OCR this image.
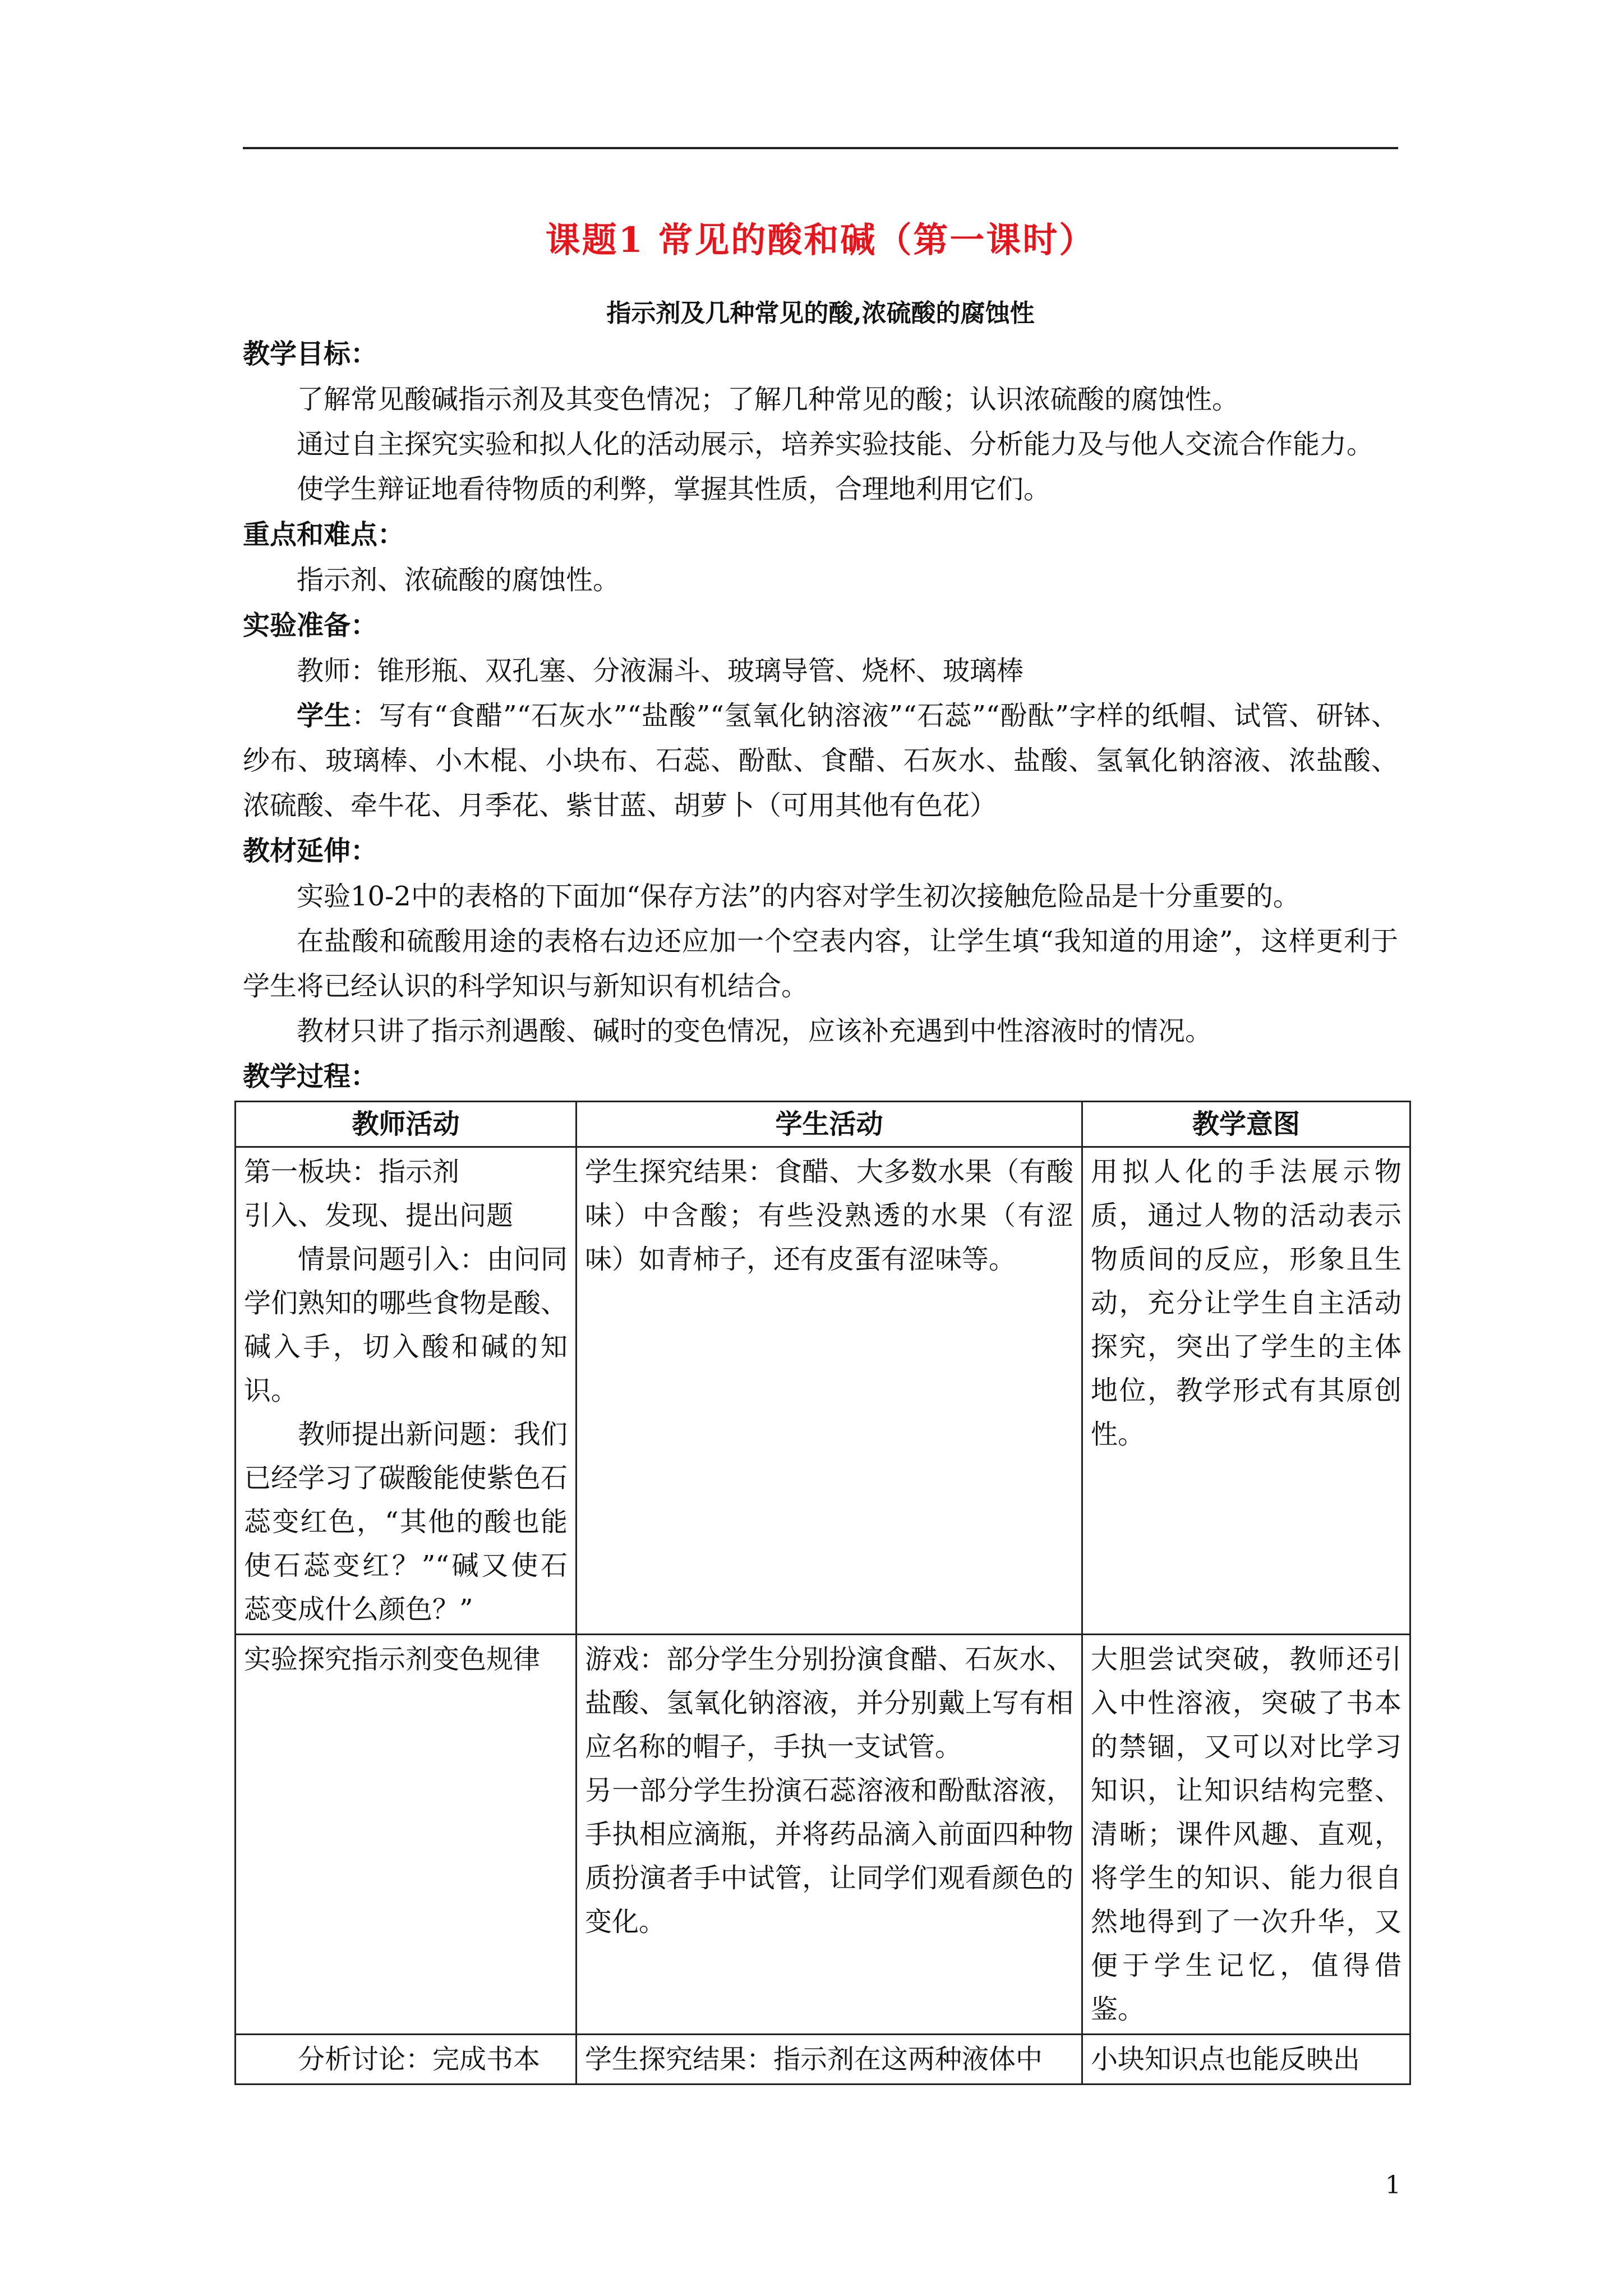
课题1 常见的酸和碱（第一课时）
指示剂及几种常见的酸,浓硫酸的腐蚀性
教学目标：

了解常见酸碱指示剂及其变色情况；了解几种常见的酸；认识浓硫酸的腐蚀性。

通过自主探究实验和拟人化的活动展示，培养实验技能、分析能力及与他人交流合作能力。

使学生辩证地看待物质的利弊，掌握其性质，合理地利用它们。

重点和难点：

指示剂、浓硫酸的腐蚀性。

实验准备：

教师：锥形瓶、双孔塞、分液漏斗、玻璃导管、烧杯、玻璃棒

学生：写有“食醋”“石灰水”“盐酸”“氢氧化钠溶液”“石蕊”“酚酞”字样的纸帽、试管、研钵、纱布、玻璃棒、小木棍、小块布、石蕊、酚酞、食醋、石灰水、盐酸、氢氧化钠溶液、浓盐酸、浓硫酸、牵牛花、月季花、紫甘蓝、胡萝卜（可用其他有色花）

教材延伸：

实验10-2中的表格的下面加“保存方法”的内容对学生初次接触危险品是十分重要的。

在盐酸和硫酸用途的表格右边还应加一个空表内容，让学生填“我知道的用途”，这样更利于学生将已经认识的科学知识与新知识有机结合。

教材只讲了指示剂遇酸、碱时的变色情况，应该补充遇到中性溶液时的情况。

教学过程：
教师活动	学生活动	教学意图

第一板块：指示剂
引入、发现、提出问题
情景问题引入：由问同学们熟知的哪些食物是酸、碱入手，切入酸和碱的知识。
教师提出新问题：我们已经学习了碳酸能使紫色石蕊变红色，“其他的酸也能使石蕊变红？”“碱又使石蕊变成什么颜色？”	学生探究结果：食醋、大多数水果（有酸味）中含酸；有些没熟透的水果（有涩味）如青柿子，还有皮蛋有涩味等。	用拟人化的手法展示物质，通过人物的活动表示物质间的反应，形象且生动，充分让学生自主活动探究，突出了学生的主体地位，教学形式有其原创性。
实验探究指示剂变色规律	游戏：部分学生分别扮演食醋、石灰水、盐酸、氢氧化钠溶液，并分别戴上写有相应名称的帽子，手执一支试管。
另一部分学生扮演石蕊溶液和酚酞溶液，手执相应滴瓶，并将药品滴入前面四种物质扮演者手中试管，让同学们观看颜色的变化。	大胆尝试突破，教师还引入中性溶液，突破了书本的禁锢，又可以对比学习知识，让知识结构完整、清晰；课件风趣、直观，将学生的知识、能力很自然地得到了一次升华，又便于学生记忆，值得借鉴。
分析讨论：完成书本	学生探究结果：指示剂在这两种液体中	小块知识点也能反映出
1
